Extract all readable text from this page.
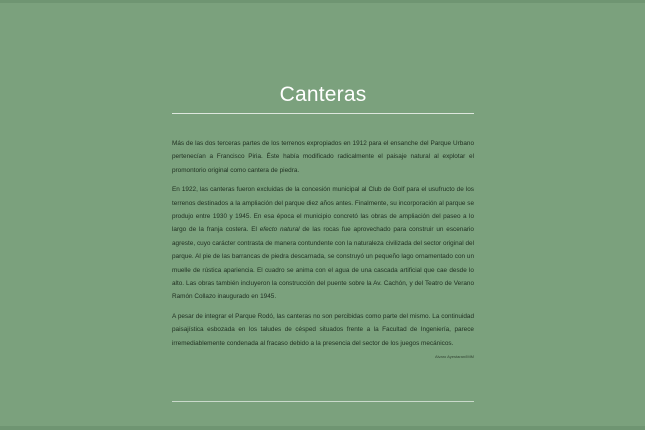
Canteras

Más de las dos terceras partes de los terrenos expropiados en 1912 para el ensanche del Parque Urbano pertenecían a Francisco Piria. Éste había modificado radicalmente el paisaje natural al explotar el promontorio original como cantera de piedra.

En 1922, las canteras fueron excluidas de la concesión municipal al Club de Golf para el usufructo de los terrenos destinados a la ampliación del parque diez años antes. Finalmente, su incorporación al parque se produjo entre 1930 y 1945. En esa época el municipio concretó las obras de ampliación del paseo a lo largo de la franja costera. El efecto natural de las rocas fue aprovechado para construir un escenario agreste, cuyo carácter contrasta de manera contundente con la naturaleza civilizada del sector original del parque. Al pie de las barrancas de piedra descarnada, se construyó un pequeño lago ornamentado con un muelle de rústica apariencia. El cuadro se anima con el agua de una cascada artificial que cae desde lo alto. Las obras también incluyeron la construcción del puente sobre la Av. Cachón, y del Teatro de Verano Ramón Collazo inaugurado en 1945.

A pesar de integrar el Parque Rodó, las canteras no son percibidas como parte del mismo. La continuidad paisajística esbozada en los taludes de césped situados frente a la Facultad de Ingeniería, parece irremediablemente condenada al fracaso debido a la presencia del sector de los juegos mecánicos.

Alvaro Ayestaran/IMM
